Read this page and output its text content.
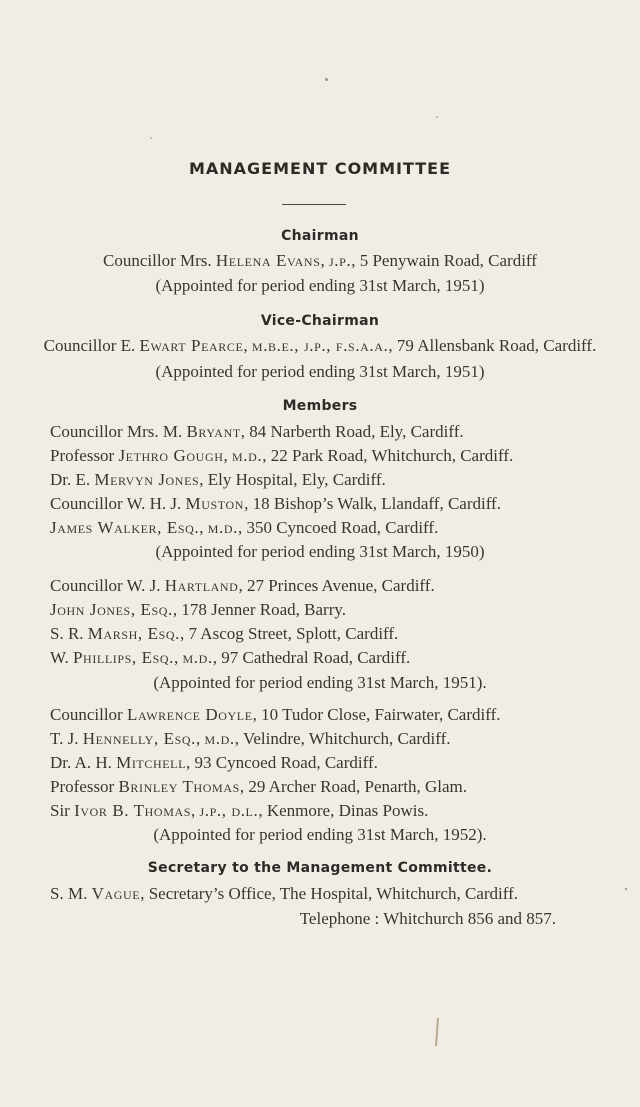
MANAGEMENT COMMITTEE
Chairman
Councillor Mrs. Helena Evans, j.p., 5 Penywain Road, Cardiff
(Appointed for period ending 31st March, 1951)
Vice-Chairman
Councillor E. Ewart Pearce, m.b.e., j.p., f.s.a.a., 79 Allensbank Road, Cardiff.
(Appointed for period ending 31st March, 1951)
Members
Councillor Mrs. M. Bryant, 84 Narberth Road, Ely, Cardiff.
Professor Jethro Gough, m.d., 22 Park Road, Whitchurch, Cardiff.
Dr. E. Mervyn Jones, Ely Hospital, Ely, Cardiff.
Councillor W. H. J. Muston, 18 Bishop’s Walk, Llandaff, Cardiff.
James Walker, Esq., m.d., 350 Cyncoed Road, Cardiff.
(Appointed for period ending 31st March, 1950)
Councillor W. J. Hartland, 27 Princes Avenue, Cardiff.
John Jones, Esq., 178 Jenner Road, Barry.
S. R. Marsh, Esq., 7 Ascog Street, Splott, Cardiff.
W. Phillips, Esq., m.d., 97 Cathedral Road, Cardiff.
(Appointed for period ending 31st March, 1951).
Councillor Lawrence Doyle, 10 Tudor Close, Fairwater, Cardiff.
T. J. Hennelly, Esq., m.d., Velindre, Whitchurch, Cardiff.
Dr. A. H. Mitchell, 93 Cyncoed Road, Cardiff.
Professor Brinley Thomas, 29 Archer Road, Penarth, Glam.
Sir Ivor B. Thomas, j.p., d.l., Kenmore, Dinas Powis.
(Appointed for period ending 31st March, 1952).
Secretary to the Management Committee.
S. M. Vague, Secretary’s Office, The Hospital, Whitchurch, Cardiff.
Telephone : Whitchurch 856 and 857.
